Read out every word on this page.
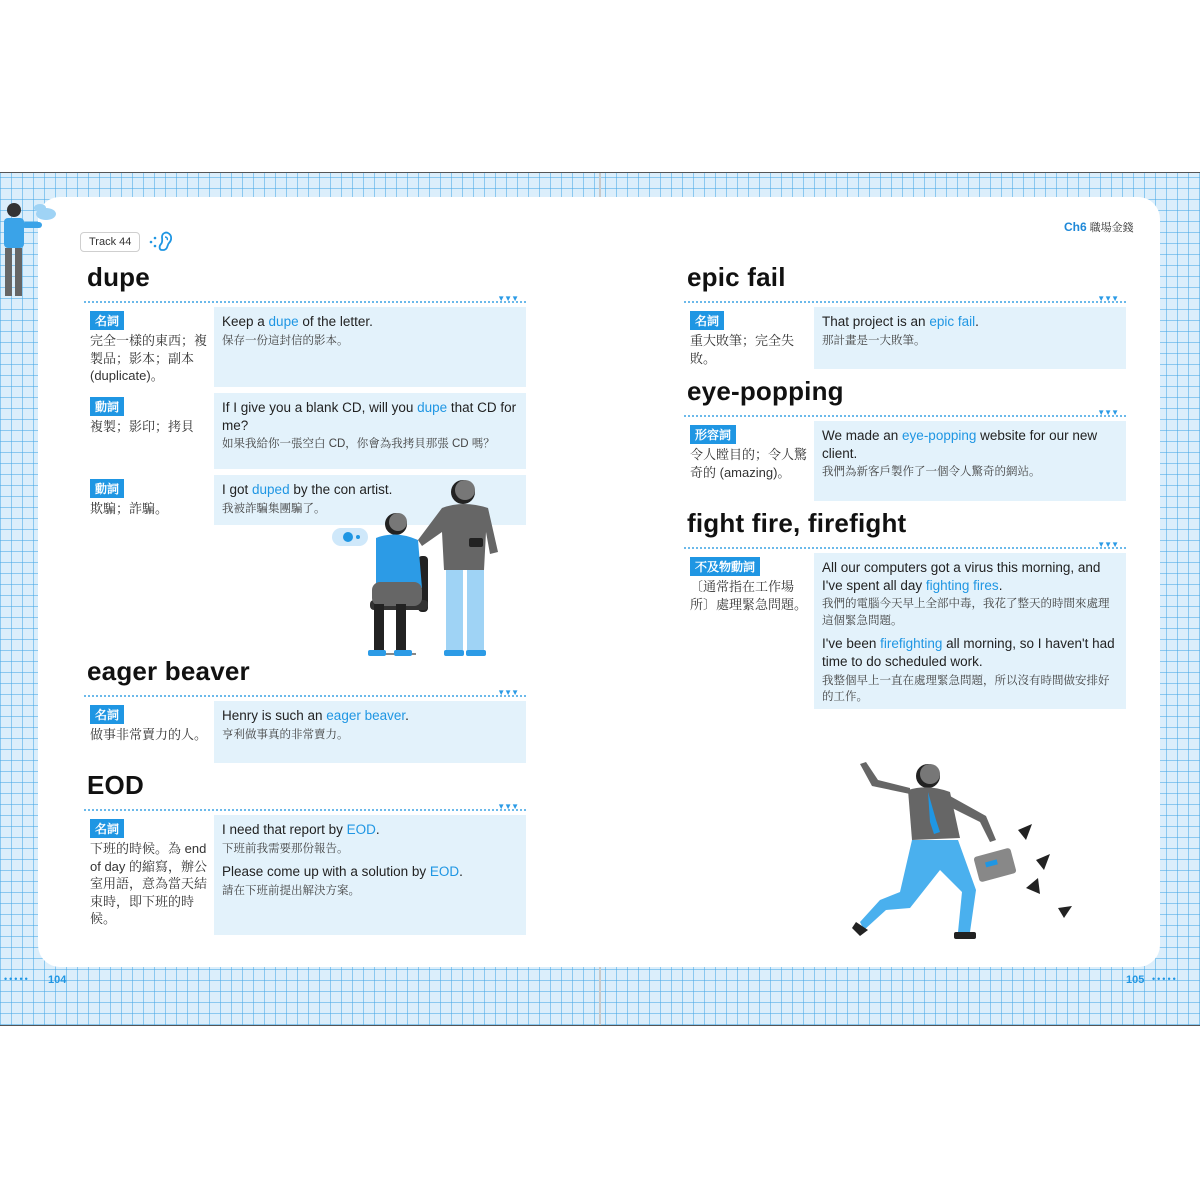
Track 44
Ch6 職場金錢
dupe
▼▼▼
名詞
完全一樣的東西；複製品；影本；副本 (duplicate)。
Keep a dupe of the letter.
保存一份這封信的影本。
動詞
複製；影印；拷貝
If I give you a blank CD, will you dupe that CD for me?
如果我給你一張空白 CD，你會為我拷貝那張 CD 嗎？
動詞
欺騙；詐騙。
I got duped by the con artist.
我被詐騙集團騙了。
eager beaver
▼▼▼
名詞
做事非常賣力的人。
Henry is such an eager beaver.
亨利做事真的非常賣力。
EOD
▼▼▼
名詞
下班的時候。為 end of day 的縮寫，辦公室用語，意為當天結束時，即下班的時候。
I need that report by EOD.
下班前我需要那份報告。
Please come up with a solution by EOD.
請在下班前提出解決方案。
epic fail
▼▼▼
名詞
重大敗筆；完全失敗。
That project is an epic fail.
那計畫是一大敗筆。
eye-popping
▼▼▼
形容詞
令人瞠目的；令人驚奇的 (amazing)。
We made an eye-popping website for our new client.
我們為新客戶製作了一個令人驚奇的網站。
fight fire, firefight
▼▼▼
不及物動詞
〔通常指在工作場所〕處理緊急問題。
All our computers got a virus this morning, and I've spent all day fighting fires.
我們的電腦今天早上全部中毒，我花了整天的時間來處理這個緊急問題。
I've been firefighting all morning, so I haven't had time to do scheduled work.
我整個早上一直在處理緊急問題，所以沒有時間做安排好的工作。
••••• 104	105 •••••
